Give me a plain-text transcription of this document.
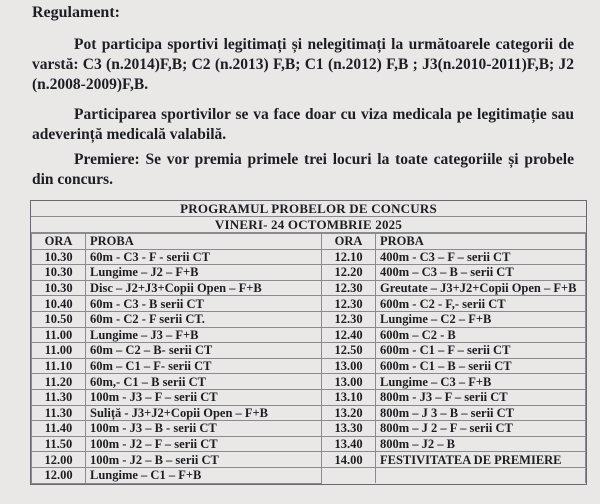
Regulament:
Pot participa sportivi legitimați și nelegitimați la următoarele categorii de varstă: C3 (n.2014)F,B; C2 (n.2013) F,B; C1 (n.2012) F,B ; J3(n.2010-2011)F,B; J2 (n.2008-2009)F,B.
Participarea sportivilor se va face doar cu viza medicala pe legitimație sau adeverință medicală valabilă.
Premiere: Se vor premia primele trei locuri la toate categoriile și probele din concurs.
PROGRAMUL PROBELOR DE CONCURS
VINERI- 24 OCTOMBRIE 2025
ORA	PROBA	ORA	PROBA
10.30	60m - C3 - F - serii CT	12.10	400m - C3 – F – serii CT
10.30	Lungime – J2 – F+B	12.20	400m – C3 – B – serii CT
10.30	Disc – J2+J3+Copii Open – F+B	12.30	Greutate – J3+J2+Copii Open – F+B
10.40	60m - C3 - B serii CT	12.30	600m - C2 - F,- serii CT
10.50	60m - C2 - F serii CT.	12.30	Lungime – C2 – F+B
11.00	Lungime – J3 – F+B	12.40	600m – C2 - B
11.00	60m – C2 – B- serii CT	12.50	600m - C1 – F – serii CT
11.10	60m – C1 – F- serii CT	13.00	600m - C1 – B – serii CT
11.20	60m,- C1 – B serii CT	13.00	Lungime – C3 – F+B
11.30	100m - J3 – F – serii CT	13.10	800m - J3 – F – serii CT
11.30	Suliță - J3+J2+Copii Open – F+B	13.20	800m – J 3 – B – serii CT
11.40	100m - J3 – B - serii CT	13.30	800m – J 2 – F – serii CT
11.50	100m - J2 – F – serii CT	13.40	800m – J2 – B
12.00	100m - J2 – B – serii CT	14.00	FESTIVITATEA DE PREMIERE
12.00	Lungime – C1 – F+B		
